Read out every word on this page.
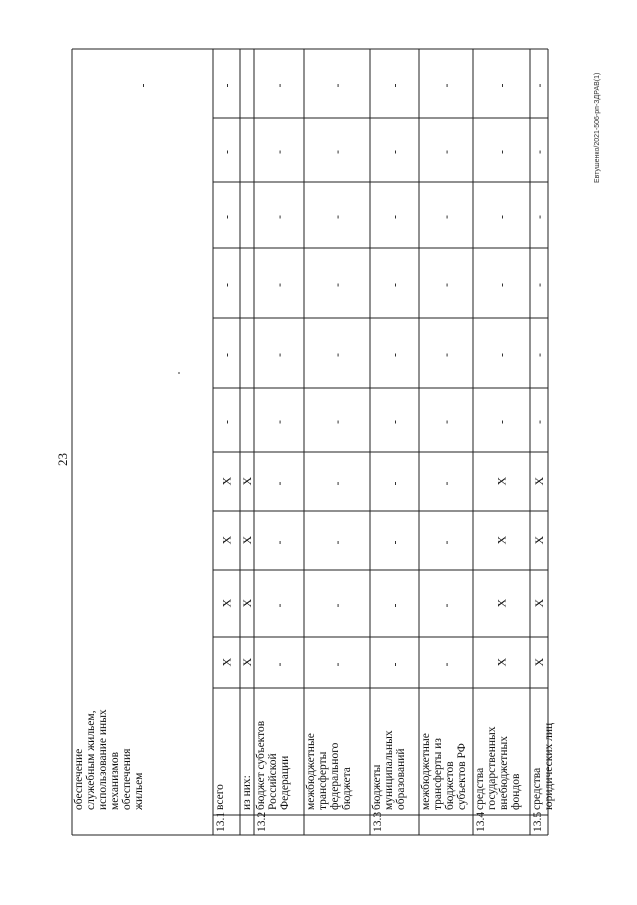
23
Евтушенко/2021-506-рп-ЗДРАВ(1)
обеспечение служебным жильем, использование иных механизмов обеспечения жильем
-
13.1
всего
X
X
X
X
-
-
-
-
-
-
из них:
X
X
X
X
13.2
бюджет субъектов Российской Федерации
-
-
-
-
-
-
-
-
-
-
межбюджетные трансферты федерального бюджета
-
-
-
-
-
-
-
-
-
-
13.3
бюджеты муниципальных образований
-
-
-
-
-
-
-
-
-
-
межбюджетные трансферты из бюджетов субъектов РФ
-
-
-
-
-
-
-
-
-
-
13.4
средства государственных внебюджетных фондов
X
X
X
X
-
-
-
-
-
-
13.5
средства юридических лиц
X
X
X
X
-
-
-
-
-
-
